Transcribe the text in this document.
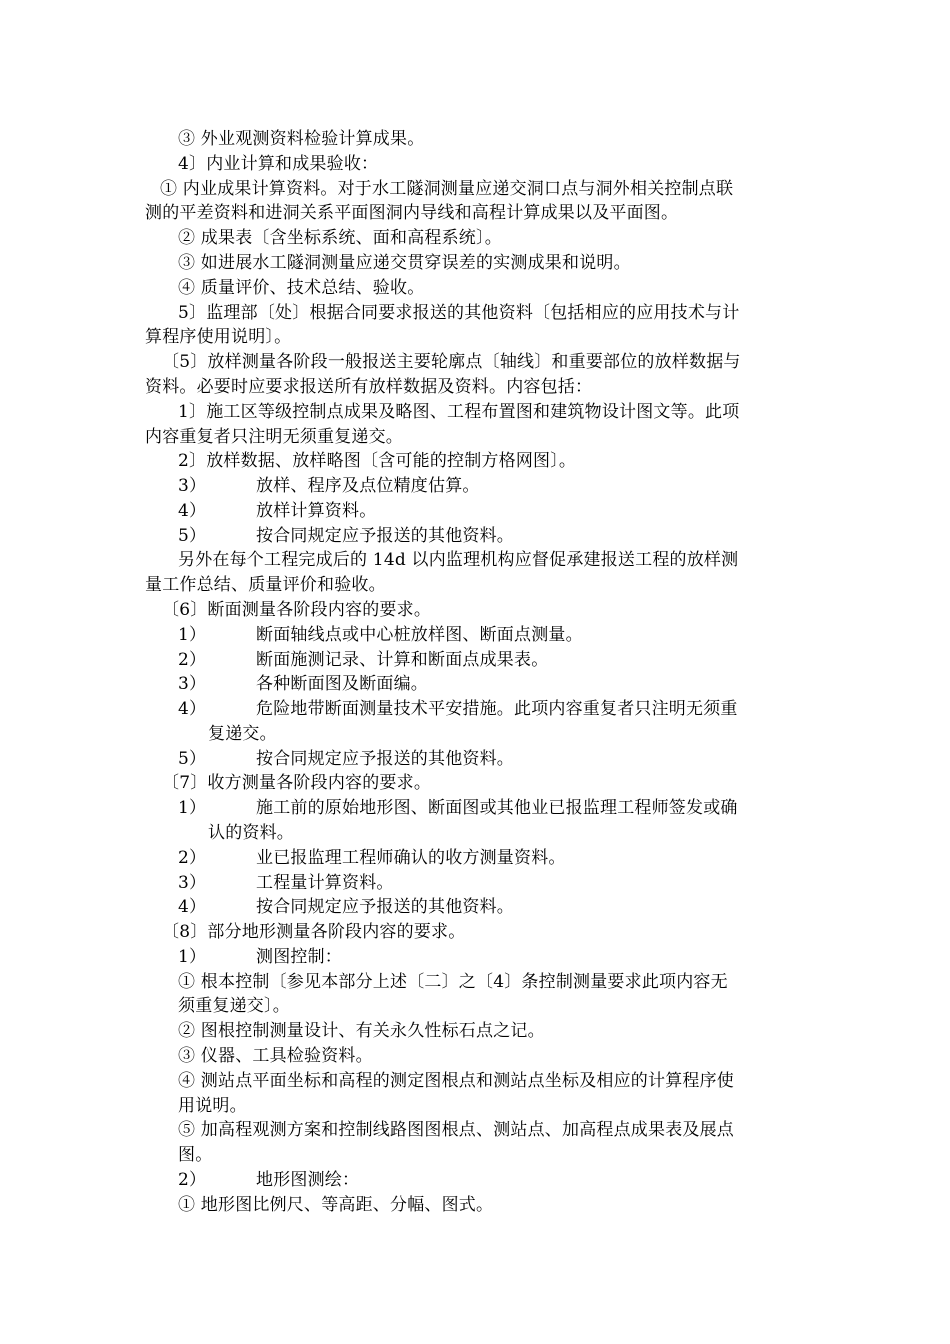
③ 外业观测资料检验计算成果。
4〕内业计算和成果验收：
① 内业成果计算资料。对于水工隧洞测量应递交洞口点与洞外相关控制点联
测的平差资料和进洞关系平面图洞内导线和高程计算成果以及平面图。
② 成果表〔含坐标系统、面和高程系统〕。
③ 如进展水工隧洞测量应递交贯穿误差的实测成果和说明。
④ 质量评价、技术总结、验收。
5〕监理部〔处〕根据合同要求报送的其他资料〔包括相应的应用技术与计
算程序使用说明〕。
〔5〕放样测量各阶段一般报送主要轮廓点〔轴线〕和重要部位的放样数据与
资料。必要时应要求报送所有放样数据及资料。内容包括：
1〕施工区等级控制点成果及略图、工程布置图和建筑物设计图文等。此项
内容重复者只注明无须重复递交。
2〕放样数据、放样略图〔含可能的控制方格网图〕。
3）	放样、程序及点位精度估算。
4）	放样计算资料。
5）	按合同规定应予报送的其他资料。
另外在每个工程完成后的 14d 以内监理机构应督促承建报送工程的放样测
量工作总结、质量评价和验收。
〔6〕断面测量各阶段内容的要求。
1）	断面轴线点或中心桩放样图、断面点测量。
2）	断面施测记录、计算和断面点成果表。
3）	各种断面图及断面编。
4）	危险地带断面测量技术平安措施。此项内容重复者只注明无须重
复递交。
5）	按合同规定应予报送的其他资料。
〔7〕收方测量各阶段内容的要求。
1）	施工前的原始地形图、断面图或其他业已报监理工程师签发或确
认的资料。
2）	业已报监理工程师确认的收方测量资料。
3）	工程量计算资料。
4）	按合同规定应予报送的其他资料。
〔8〕部分地形测量各阶段内容的要求。
1）	测图控制：
① 根本控制〔参见本部分上述〔二〕之〔4〕条控制测量要求此项内容无
须重复递交〕。
② 图根控制测量设计、有关永久性标石点之记。
③ 仪器、工具检验资料。
④ 测站点平面坐标和高程的测定图根点和测站点坐标及相应的计算程序使
用说明。
⑤ 加高程观测方案和控制线路图图根点、测站点、加高程点成果表及展点
图。
2）	地形图测绘：
① 地形图比例尺、等高距、分幅、图式。
